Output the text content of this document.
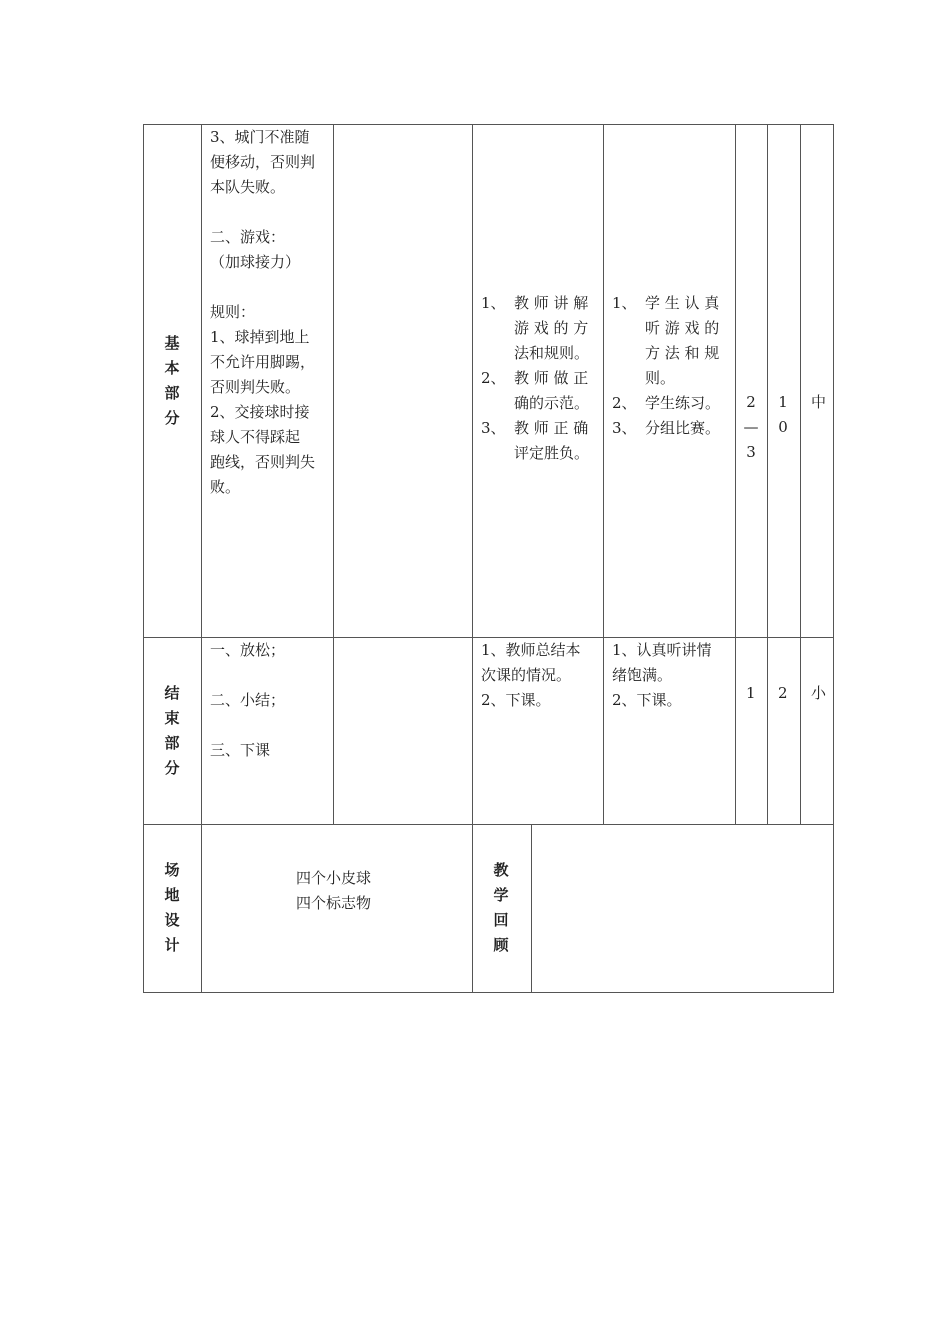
基
本
部
分
3、城门不准随
便移动，否则判
本队失败。
二、游戏：
（加球接力）
规则：
1、球掉到地上
不允许用脚踢，
否则判失败。
2、交接球时接
球人不得踩起
跑线，否则判失
败。
1、 教 师 讲 解
游 戏 的 方
法和规则。
2、 教 师 做 正
确的示范。
3、 教 师 正 确
评定胜负。
1、 学 生 认 真
听 游 戏 的
方 法 和 规
则。
2、 学生练习。
3、 分组比赛。
2
—
3
1
0
中
结
束
部
分
一、放松；
二、小结；
三、下课
1、教师总结本
次课的情况。
2、下课。
1、认真听讲情
绪饱满。
2、下课。	1 2 小
场
地
设
计
四个小皮球
四个标志物
教
学
回
顾
